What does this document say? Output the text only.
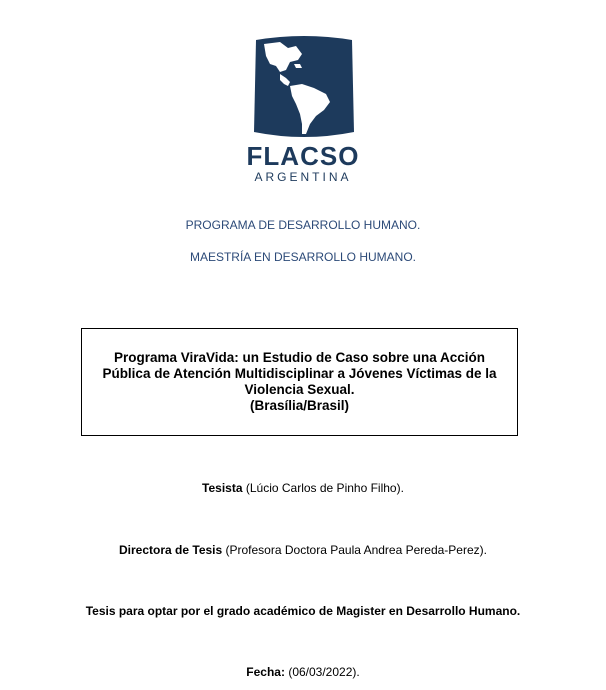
FLACSO
ARGENTINA
PROGRAMA DE DESARROLLO HUMANO.
MAESTRÍA EN DESARROLLO HUMANO.
Programa ViraVida: un Estudio de Caso sobre una Acción
Pública de Atención Multidisciplinar a Jóvenes Víctimas de la
Violencia Sexual.
(Brasília/Brasil)
Tesista (Lúcio Carlos de Pinho Filho).
Directora de Tesis (Profesora Doctora Paula Andrea Pereda-Perez).
Tesis para optar por el grado académico de Magister en Desarrollo Humano.
Fecha: (06/03/2022).
